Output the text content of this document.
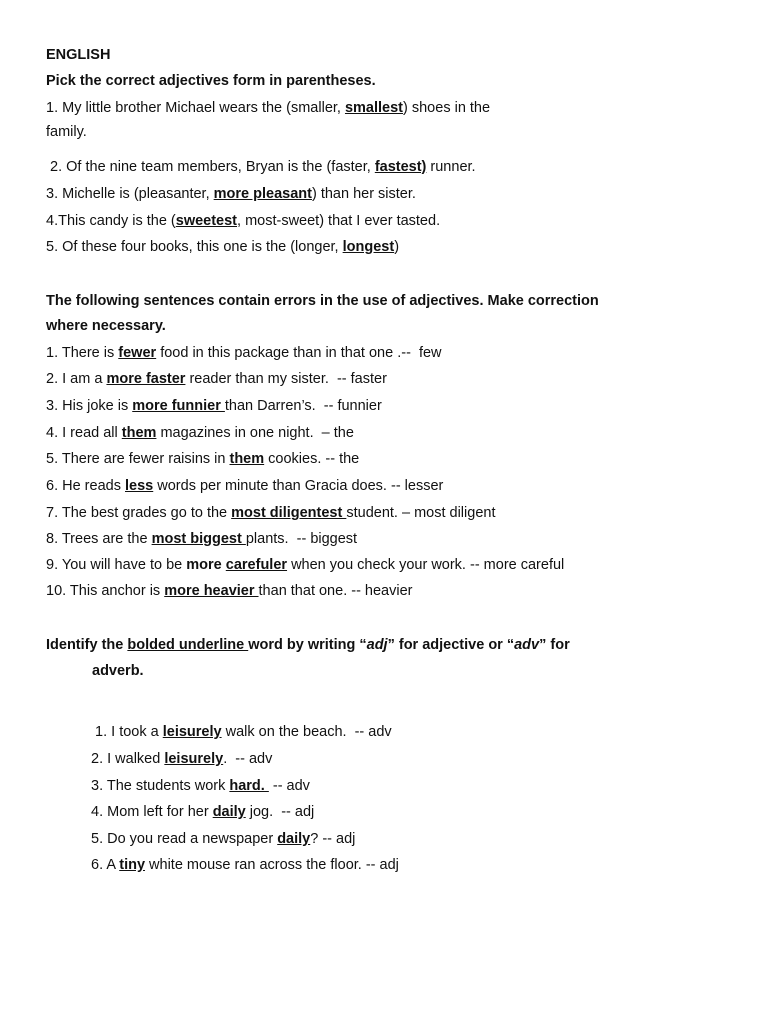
ENGLISH
Pick the correct adjectives form in parentheses.
1. My little brother Michael wears the (smaller, smallest) shoes in the
family.
2. Of the nine team members, Bryan is the (faster, fastest) runner.
3. Michelle is (pleasanter, more pleasant) than her sister.
4.This candy is the (sweetest, most-sweet) that I ever tasted.
5. Of these four books, this one is the (longer, longest)
The following sentences contain errors in the use of adjectives. Make correction
where necessary.
1. There is fewer food in this package than in that one .--  few
2. I am a more faster reader than my sister.  -- faster
3. His joke is more funnier than Darren’s.  -- funnier
4. I read all them magazines in one night.  – the
5. There are fewer raisins in them cookies. -- the
6. He reads less words per minute than Gracia does. -- lesser
7. The best grades go to the most diligentest student. – most diligent
8. Trees are the most biggest plants.  -- biggest
9. You will have to be more carefuler when you check your work. -- more careful
10. This anchor is more heavier than that one. -- heavier
Identify the bolded underline word by writing “adj” for adjective or “adv” for
adverb.
1. I took a leisurely walk on the beach.  -- adv
2. I walked leisurely.  -- adv
3. The students work hard.  -- adv
4. Mom left for her daily jog.  -- adj
5. Do you read a newspaper daily? -- adj
6. A tiny white mouse ran across the floor. -- adj
